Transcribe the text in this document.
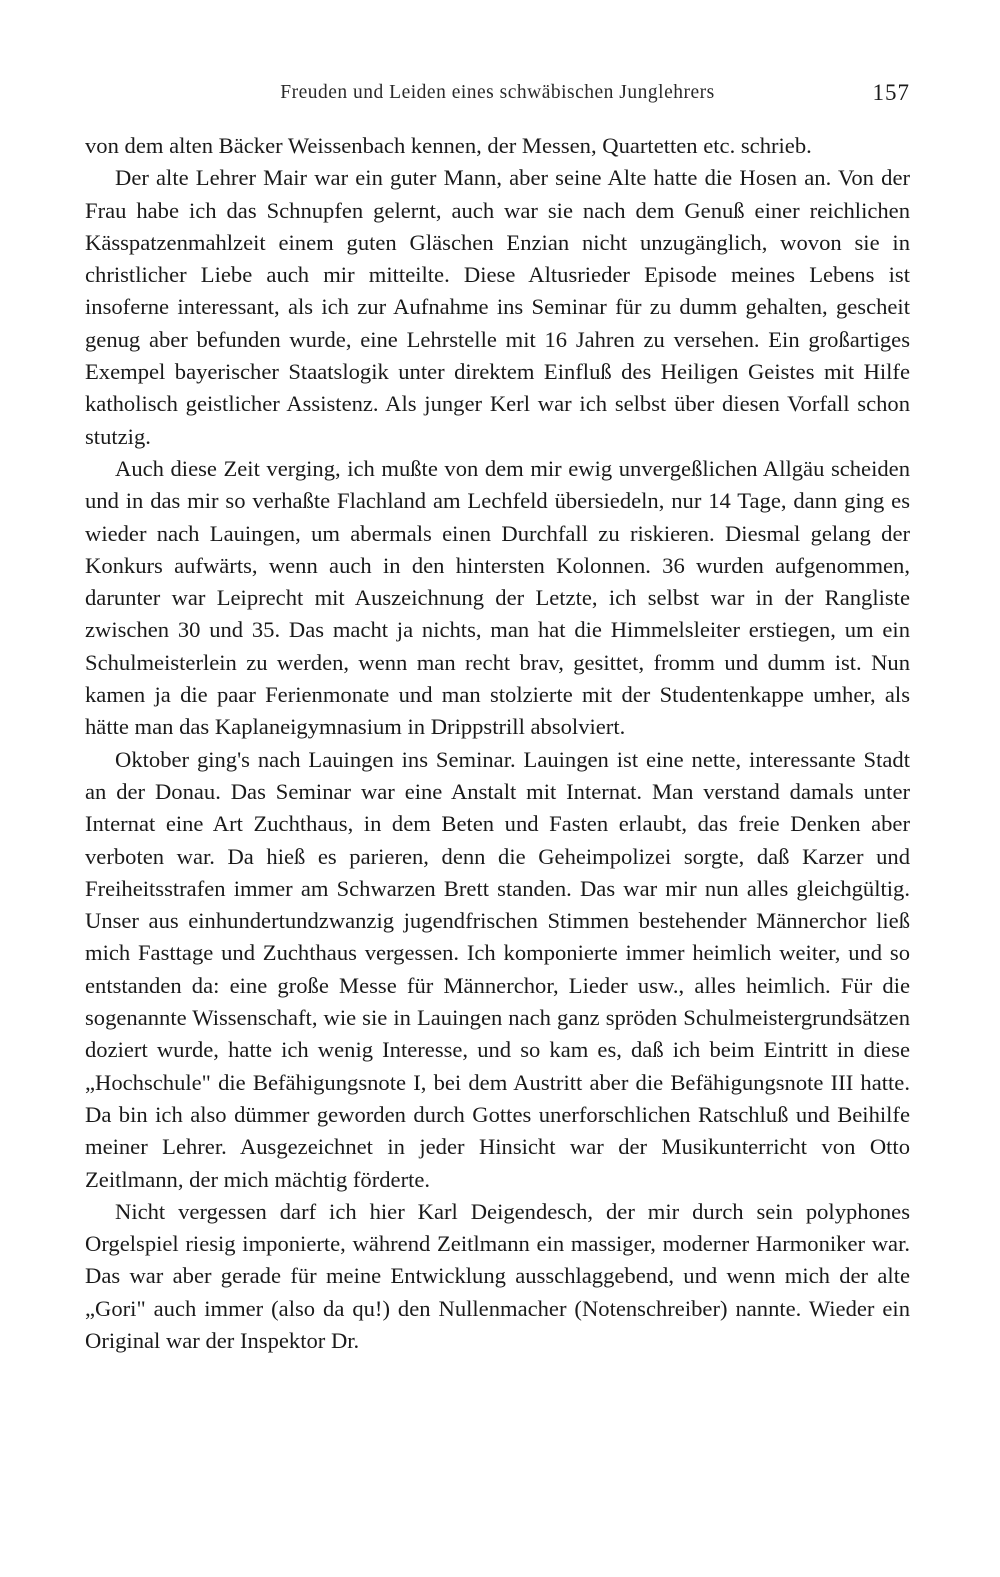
Freuden und Leiden eines schwäbischen Junglehrers	157

von dem alten Bäcker Weissenbach kennen, der Messen, Quartetten etc. schrieb.

Der alte Lehrer Mair war ein guter Mann, aber seine Alte hatte die Hosen an. Von der Frau habe ich das Schnupfen gelernt, auch war sie nach dem Genuß einer reichlichen Kässpatzenmahlzeit einem guten Gläschen Enzian nicht unzugänglich, wovon sie in christlicher Liebe auch mir mitteilte. Diese Altusrieder Episode meines Lebens ist insoferne interessant, als ich zur Aufnahme ins Seminar für zu dumm gehalten, gescheit genug aber befunden wurde, eine Lehrstelle mit 16 Jahren zu versehen. Ein großartiges Exempel bayerischer Staatslogik unter direktem Einfluß des Heiligen Geistes mit Hilfe katholisch geistlicher Assistenz. Als junger Kerl war ich selbst über diesen Vorfall schon stutzig.

Auch diese Zeit verging, ich mußte von dem mir ewig unvergeßlichen Allgäu scheiden und in das mir so verhaßte Flachland am Lechfeld übersiedeln, nur 14 Tage, dann ging es wieder nach Lauingen, um abermals einen Durchfall zu riskieren. Diesmal gelang der Konkurs aufwärts, wenn auch in den hintersten Kolonnen. 36 wurden aufgenommen, darunter war Leiprecht mit Auszeichnung der Letzte, ich selbst war in der Rangliste zwischen 30 und 35. Das macht ja nichts, man hat die Himmelsleiter erstiegen, um ein Schulmeisterlein zu werden, wenn man recht brav, gesittet, fromm und dumm ist. Nun kamen ja die paar Ferienmonate und man stolzierte mit der Studentenkappe umher, als hätte man das Kaplaneigymnasium in Drippstrill absolviert.

Oktober ging's nach Lauingen ins Seminar. Lauingen ist eine nette, interessante Stadt an der Donau. Das Seminar war eine Anstalt mit Internat. Man verstand damals unter Internat eine Art Zuchthaus, in dem Beten und Fasten erlaubt, das freie Denken aber verboten war. Da hieß es parieren, denn die Geheimpolizei sorgte, daß Karzer und Freiheitsstrafen immer am Schwarzen Brett standen. Das war mir nun alles gleichgültig. Unser aus einhundertundzwanzig jugendfrischen Stimmen bestehender Männerchor ließ mich Fasttage und Zuchthaus vergessen. Ich komponierte immer heimlich weiter, und so entstanden da: eine große Messe für Männerchor, Lieder usw., alles heimlich. Für die sogenannte Wissenschaft, wie sie in Lauingen nach ganz spröden Schulmeistergrundsätzen doziert wurde, hatte ich wenig Interesse, und so kam es, daß ich beim Eintritt in diese „Hochschule" die Befähigungsnote I, bei dem Austritt aber die Befähigungsnote III hatte. Da bin ich also dümmer geworden durch Gottes unerforschlichen Ratschluß und Beihilfe meiner Lehrer. Ausgezeichnet in jeder Hinsicht war der Musikunterricht von Otto Zeitlmann, der mich mächtig förderte.

Nicht vergessen darf ich hier Karl Deigendesch, der mir durch sein polyphones Orgelspiel riesig imponierte, während Zeitlmann ein massiger, moderner Harmoniker war. Das war aber gerade für meine Entwicklung ausschlaggebend, und wenn mich der alte „Gori" auch immer (also da qu!) den Nullenmacher (Notenschreiber) nannte. Wieder ein Original war der Inspektor Dr.
